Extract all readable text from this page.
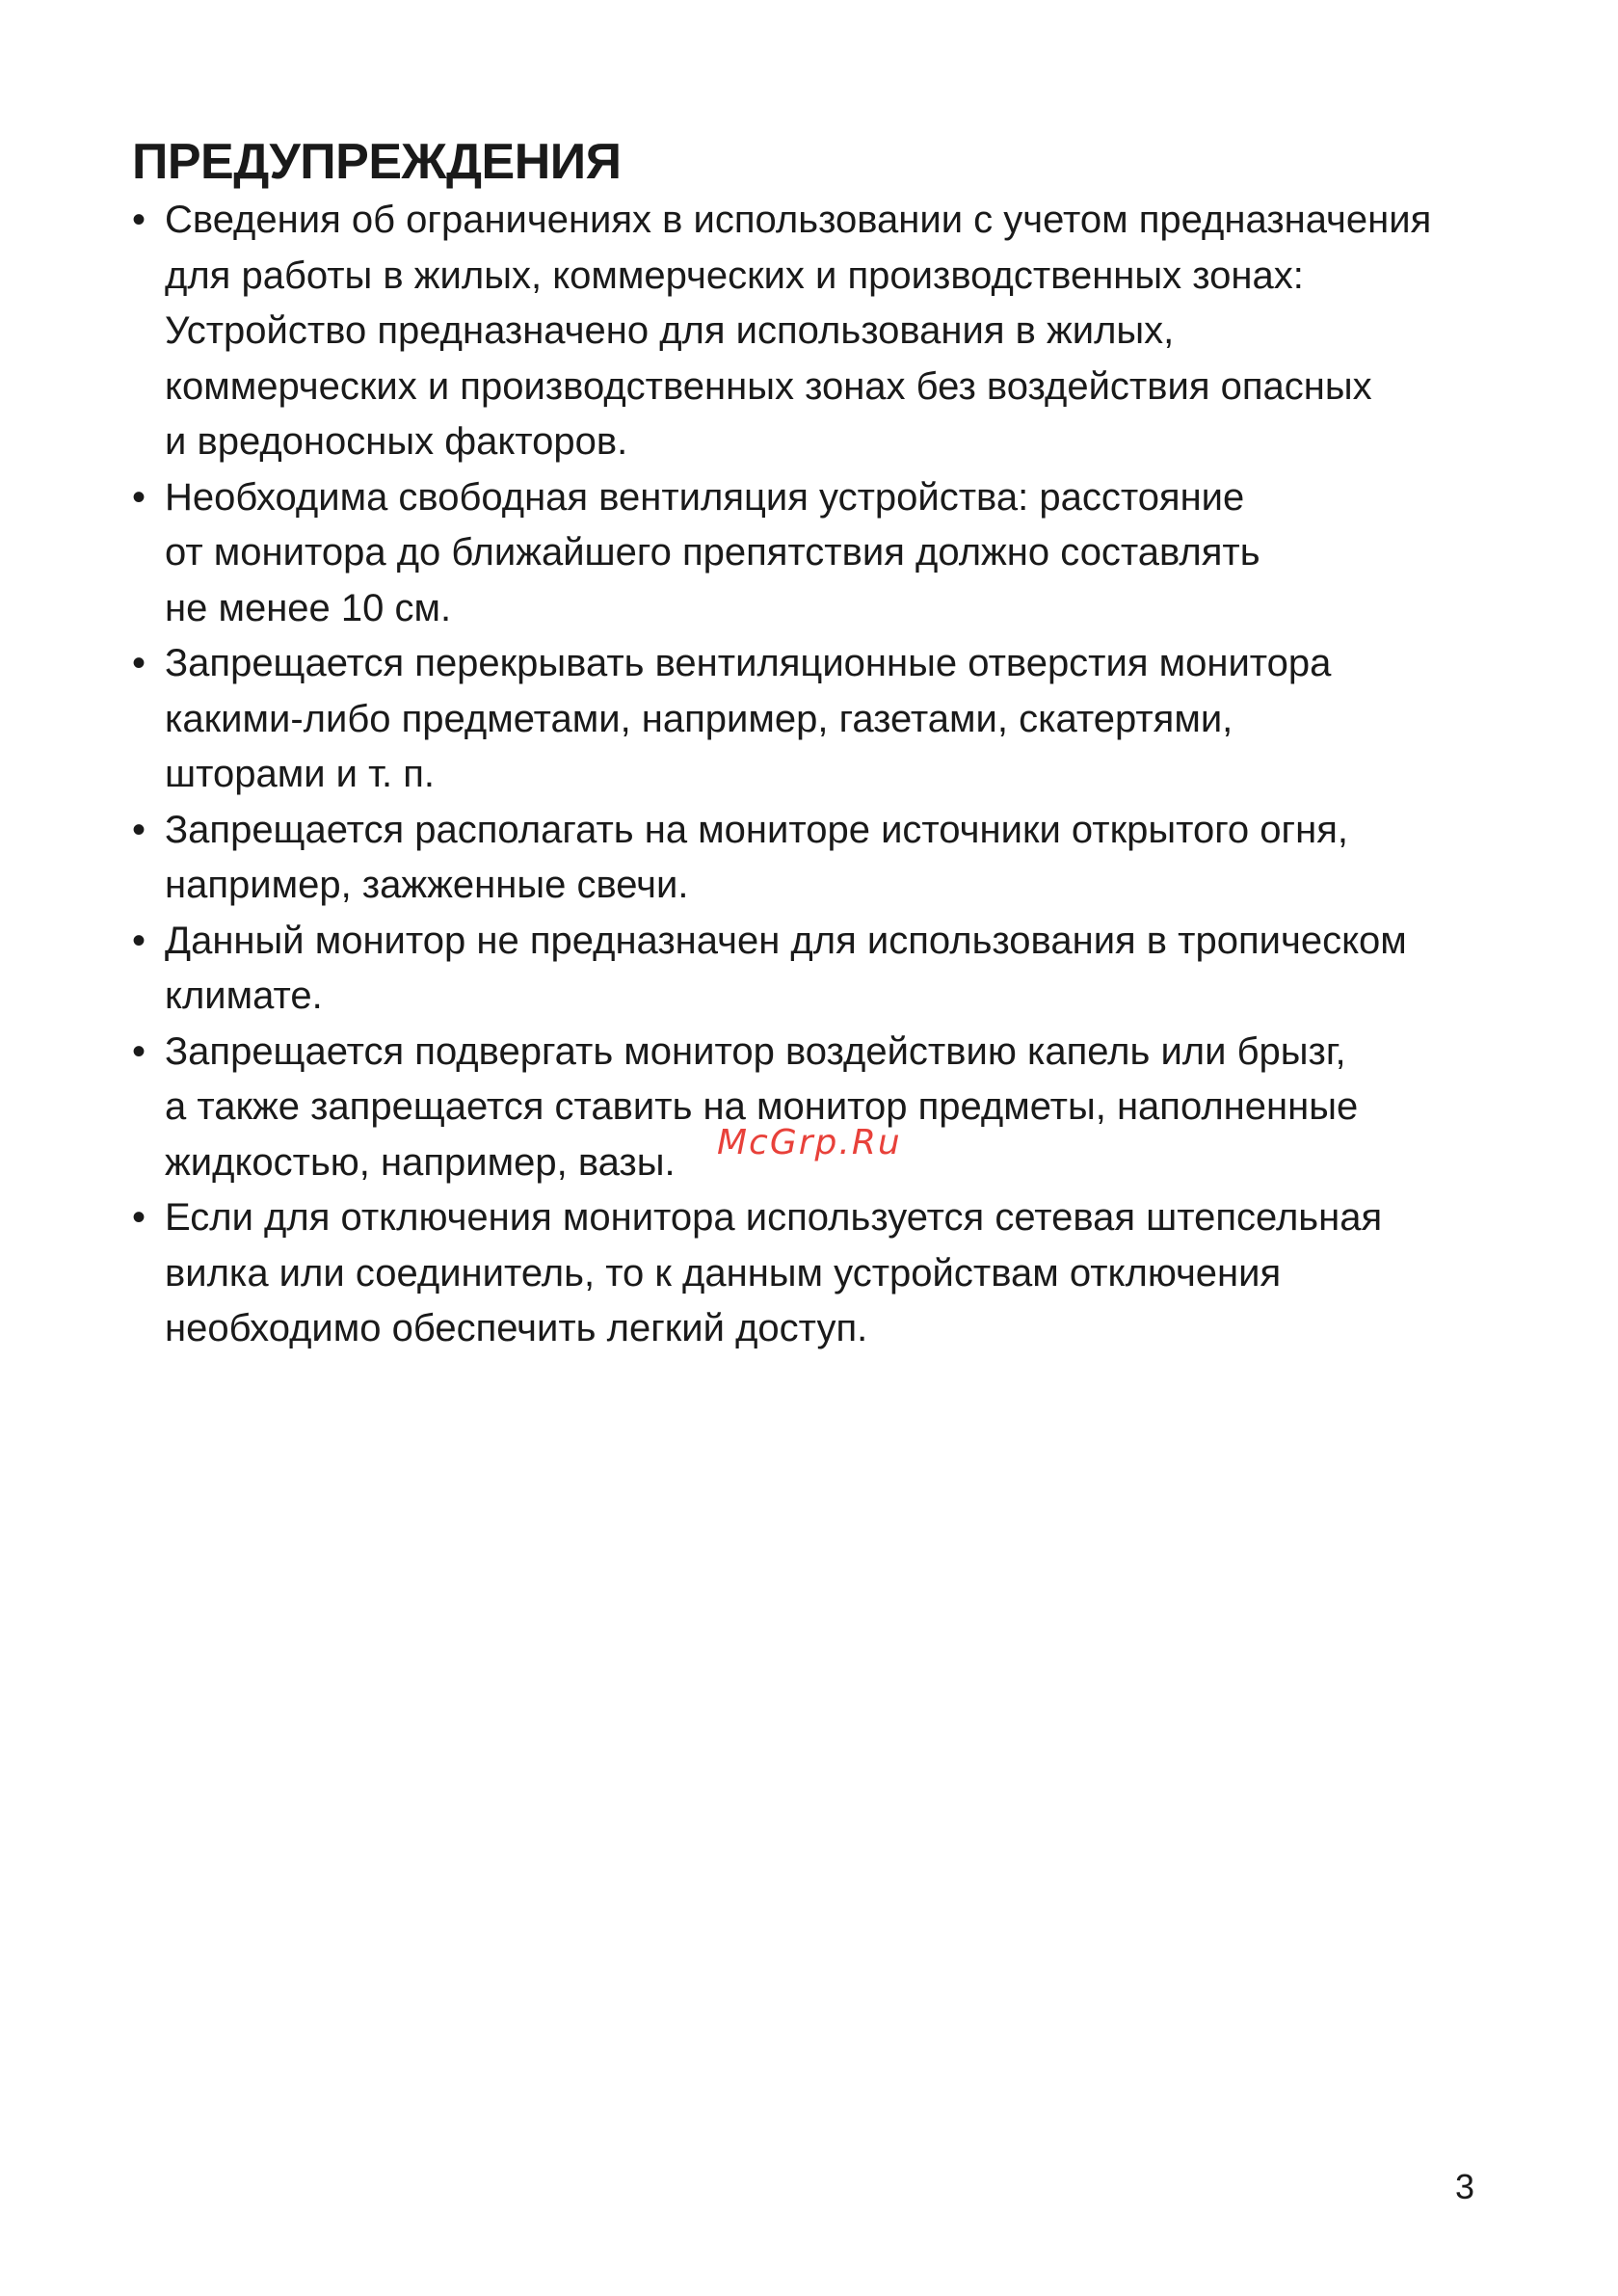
ПРЕДУПРЕЖДЕНИЯ
• Сведения об ограничениях в использовании с учетом предназначения
для работы в жилых, коммерческих и производственных зонах:
Устройство предназначено для использования в жилых,
коммерческих и производственных зонах без воздействия опасных
и вредоносных факторов.
• Необходима свободная вентиляция устройства: расстояние
от монитора до ближайшего препятствия должно составлять
не менее 10 см.
• Запрещается перекрывать вентиляционные отверстия монитора
какими-либо предметами, например, газетами, скатертями,
шторами и т. п.
• Запрещается располагать на мониторе источники открытого огня,
например, зажженные свечи.
• Данный монитор не предназначен для использования в тропическом
климате.
• Запрещается подвергать монитор воздействию капель или брызг,
а также запрещается ставить на монитор предметы, наполненные
жидкостью, например, вазы.
• Если для отключения монитора используется сетевая штепсельная
вилка или соединитель, то к данным устройствам отключения
необходимо обеспечить легкий доступ.
McGrp.Ru
3
